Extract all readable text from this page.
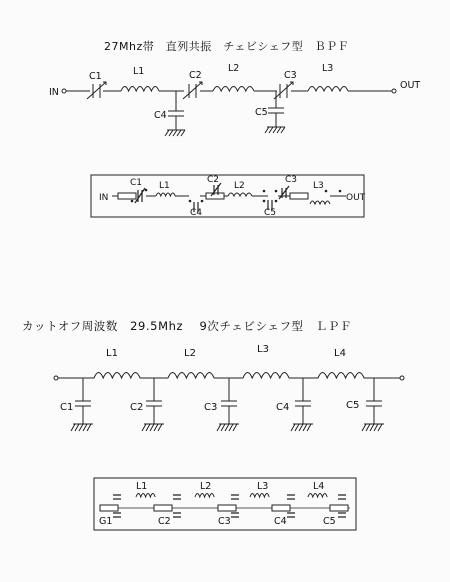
27Mhz帯　直列共振　チェビシェフ型　ＢＰＦ
IN
OUT
C1	L1	C2
L2
C3
L3
C4	C5
IN	OUT
C1 L1
C2
L2
C3
L3
C4	C5
L1	L2	L3	L4
C1	C2	C3	C4	C5
L1	L2	L3	L4
G1	C2	C3	C4	C5
カットオフ周波数　29.5Mhz　 9次チェビシェフ型　ＬＰＦ
